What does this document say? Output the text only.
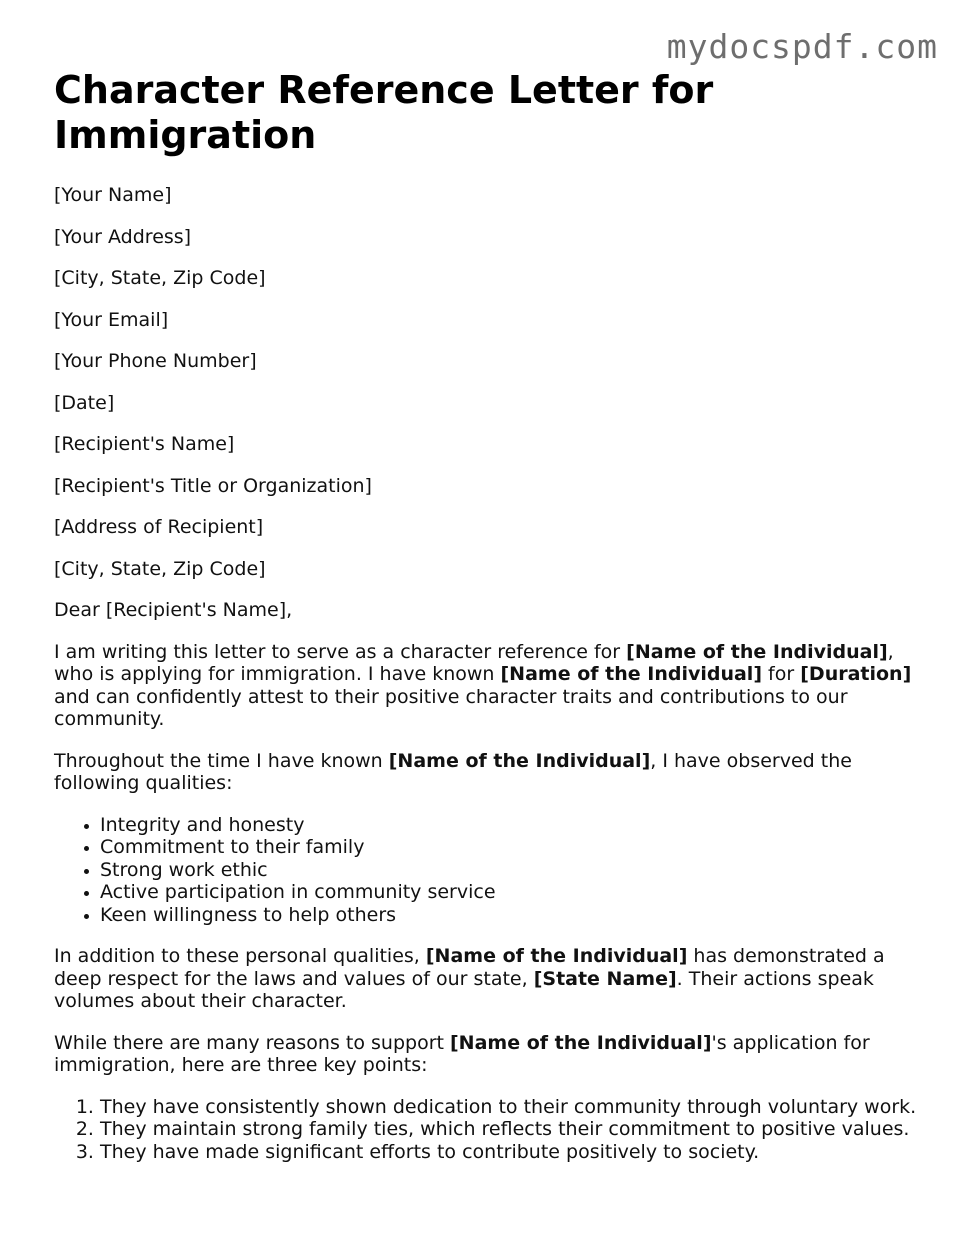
mydocspdf.com
Character Reference Letter for Immigration
[Your Name]
[Your Address]
[City, State, Zip Code]
[Your Email]
[Your Phone Number]
[Date]
[Recipient's Name]
[Recipient's Title or Organization]
[Address of Recipient]
[City, State, Zip Code]
Dear [Recipient's Name],

I am writing this letter to serve as a character reference for [Name of the Individual], who is applying for immigration. I have known [Name of the Individual] for [Duration] and can confidently attest to their positive character traits and contributions to our community.

Throughout the time I have known [Name of the Individual], I have observed the following qualities:

• Integrity and honesty
• Commitment to their family
• Strong work ethic
• Active participation in community service
• Keen willingness to help others

In addition to these personal qualities, [Name of the Individual] has demonstrated a deep respect for the laws and values of our state, [State Name]. Their actions speak volumes about their character.

While there are many reasons to support [Name of the Individual]'s application for immigration, here are three key points:

1. They have consistently shown dedication to their community through voluntary work.
2. They maintain strong family ties, which reflects their commitment to positive values.
3. They have made significant efforts to contribute positively to society.
